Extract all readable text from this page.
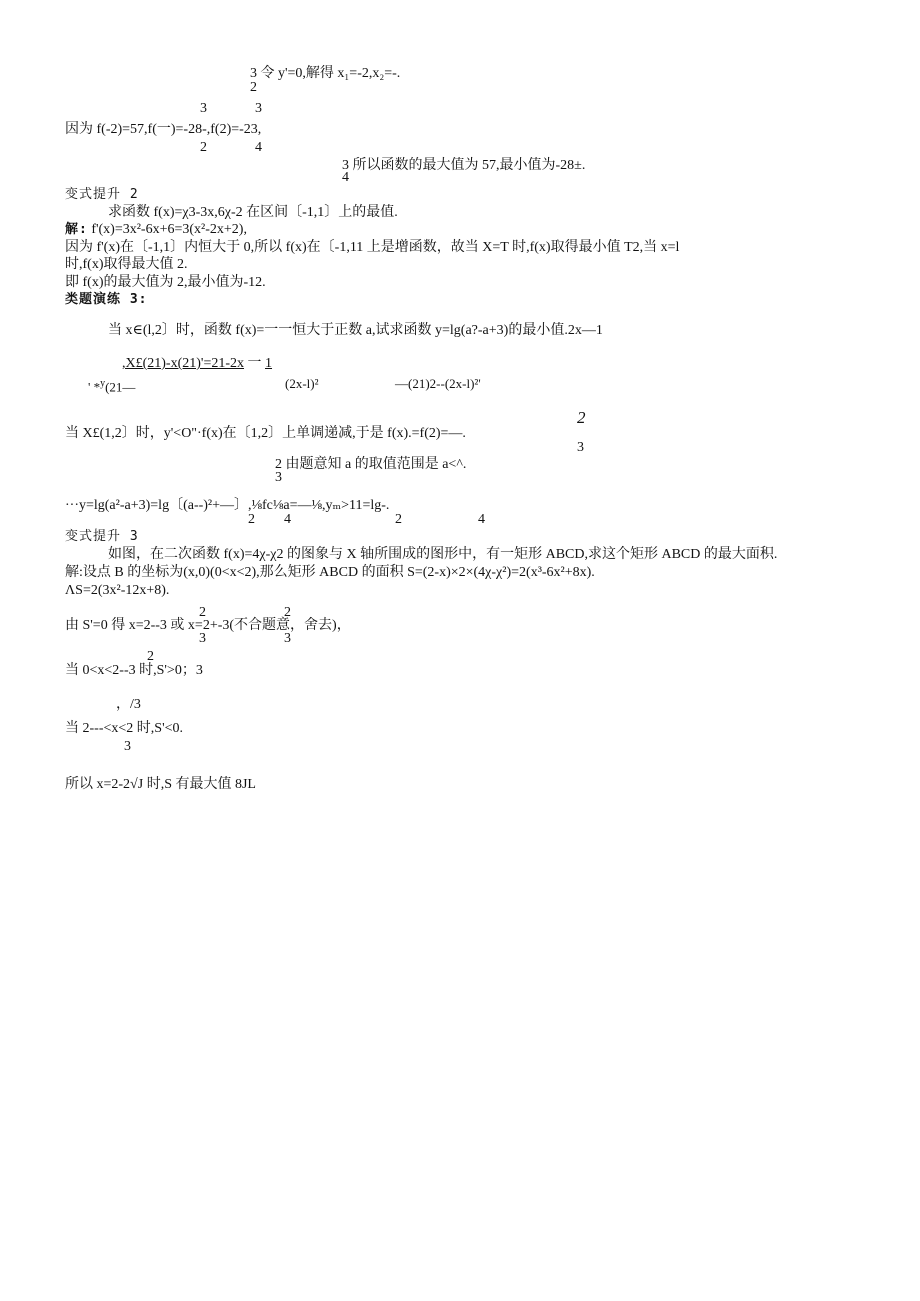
3 令 y'=0,解得 x₁=-2,x₂=-.
2
3	3
因为 f(-2)=57,f(一)=-28-,f(2)=-23,
2	4
3 所以函数的最大值为 57,最小值为-28±.
4
变式提升 2
求函数 f(x)=χ3-3x,6χ-2 在区间〔-1,1〕上的最值.
解: f'(x)=3x²-6x+6=3(x²-2x+2),
因为 f'(x)在〔-1,1〕内恒大于 0,所以 f(x)在〔-1,11 上是增函数，故当 X=T 时,f(x)取得最小值 T2,当 x=l
时,f(x)取得最大值 2.
即 f(x)的最大值为 2,最小值为-12.
类题演练 3:
当 x∈(l,2〕时，函数 f(x)=一一恒大于正数 a,试求函数 y=lg(a?-a+3)的最小值.2x—1
,X£(21)-x(21)'=21-2x 一 1
' *$^y$(21—	(2x-l)²	—(21)2--(2x-l)²'
2
当 X£(1,2〕时，y'<O"·f(x)在〔1,2〕上单调递减,于是 f(x).=f(2)=—.
3
2 由题意知 a 的取值范围是 a<^.
3
···y=lg(a²-a+3)=lg〔(a--)²+—〕,⅛fc⅛a=—⅛,yₘ>11=lg-.
2 4	2	4
变式提升 3
如图，在二次函数 f(x)=4χ-χ2 的图象与 X 轴所围成的图形中，有一矩形 ABCD,求这个矩形 ABCD 的最大面积.
解:设点 B 的坐标为(x,0)(0<x<2),那么矩形 ABCD 的面积 S=(2-x)×2×(4χ-χ²)=2(x³-6x²+8x).
ΛS=2(3x²-12x+8).
2	2
由 S'=0 得 x=2--3 或 x=2+-3(不合题意，舍去)，
3	3
2
当 0<x<2--3 时,S'>0；3
，/3
当 2---<x<2 时,S'<0.
3
所以 x=2-2√J 时,S 有最大值 8JL
